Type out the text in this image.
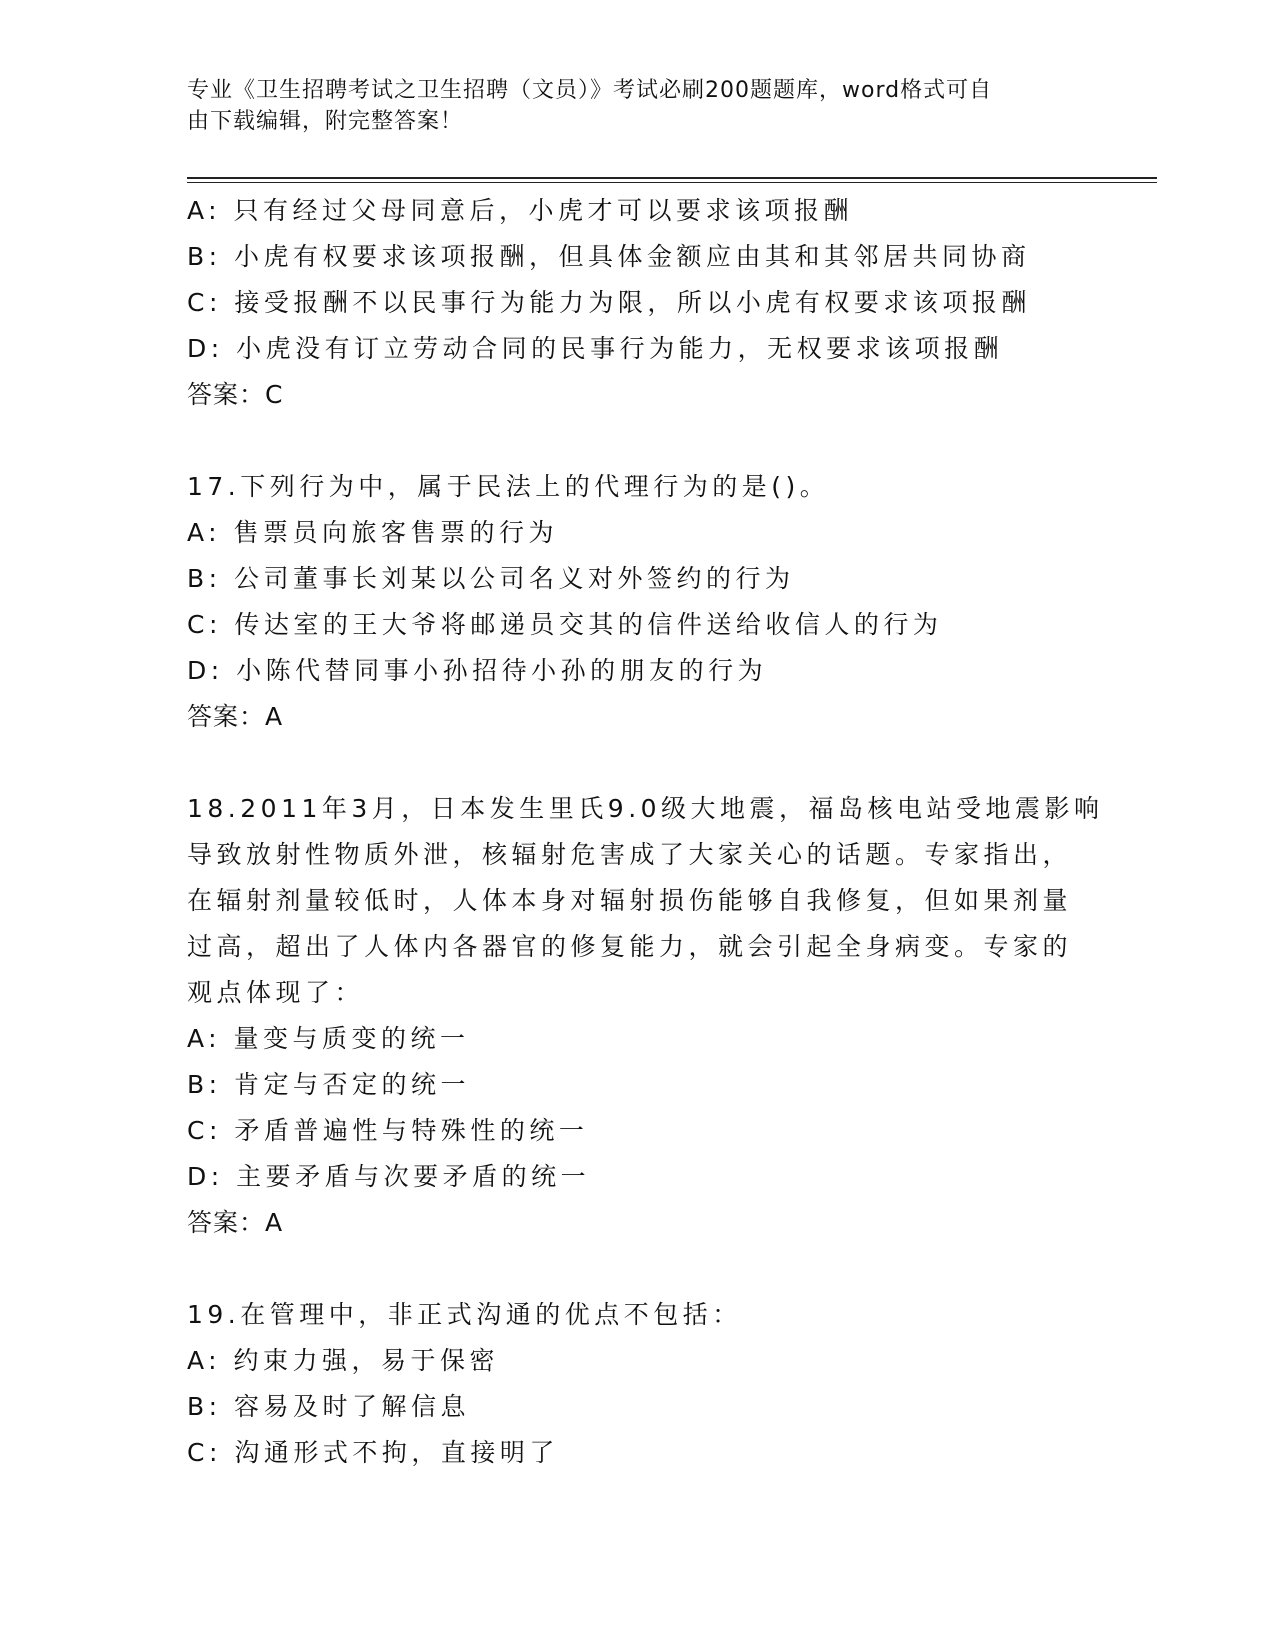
专业《卫生招聘考试之卫生招聘（文员）》考试必刷200题题库，word格式可自
由下载编辑，附完整答案！
A: 只有经过父母同意后，小虎才可以要求该项报酬
B: 小虎有权要求该项报酬，但具体金额应由其和其邻居共同协商
C: 接受报酬不以民事行为能力为限，所以小虎有权要求该项报酬
D: 小虎没有订立劳动合同的民事行为能力，无权要求该项报酬
答案：C
17.下列行为中，属于民法上的代理行为的是()。
A: 售票员向旅客售票的行为
B: 公司董事长刘某以公司名义对外签约的行为
C: 传达室的王大爷将邮递员交其的信件送给收信人的行为
D: 小陈代替同事小孙招待小孙的朋友的行为
答案：A
18.2011年3月，日本发生里氏9.0级大地震，福岛核电站受地震影响
导致放射性物质外泄，核辐射危害成了大家关心的话题。专家指出，
在辐射剂量较低时，人体本身对辐射损伤能够自我修复，但如果剂量
过高，超出了人体内各器官的修复能力，就会引起全身病变。专家的
观点体现了：
A: 量变与质变的统一
B: 肯定与否定的统一
C: 矛盾普遍性与特殊性的统一
D: 主要矛盾与次要矛盾的统一
答案：A
19.在管理中，非正式沟通的优点不包括：
A: 约束力强，易于保密
B: 容易及时了解信息
C: 沟通形式不拘，直接明了
